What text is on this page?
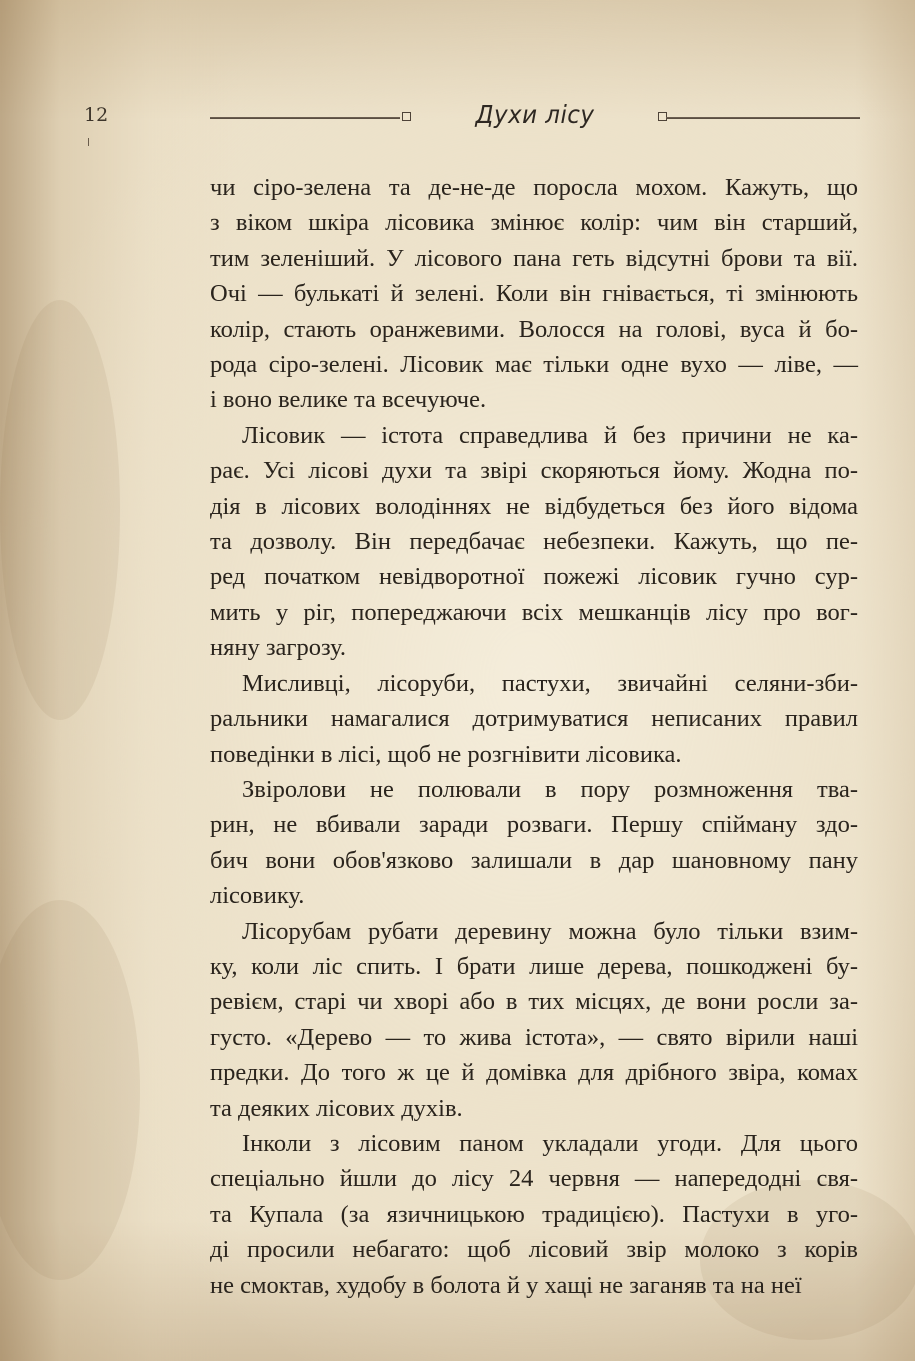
12	Духи лісу
чи сіро-зелена та де-не-де поросла мохом. Кажуть, що
з віком шкіра лісовика змінює колір: чим він старший,
тим зеленіший. У лісового пана геть відсутні брови та вії.
Очі — булькаті й зелені. Коли він гнівається, ті змінюють
колір, стають оранжевими. Волосся на голові, вуса й бо-
рода сіро-зелені. Лісовик має тільки одне вухо — ліве, —
і воно велике та всечуюче.
Лісовик — істота справедлива й без причини не ка-
рає. Усі лісові духи та звірі скоряються йому. Жодна по-
дія в лісових володіннях не відбудеться без його відома
та дозволу. Він передбачає небезпеки. Кажуть, що пе-
ред початком невідворотної пожежі лісовик гучно сур-
мить у ріг, попереджаючи всіх мешканців лісу про вог-
няну загрозу.
Мисливці, лісоруби, пастухи, звичайні селяни-зби-
ральники намагалися дотримуватися неписаних правил
поведінки в лісі, щоб не розгнівити лісовика.
Звіролови не полювали в пору розмноження тва-
рин, не вбивали заради розваги. Першу спійману здо-
бич вони обов'язково залишали в дар шановному пану
лісовику.
Лісорубам рубати деревину можна було тільки взим-
ку, коли ліс спить. І брати лише дерева, пошкоджені бу-
ревієм, старі чи хворі або в тих місцях, де вони росли за-
густо. «Дерево — то жива істота», — свято вірили наші
предки. До того ж це й домівка для дрібного звіра, комах
та деяких лісових духів.
Інколи з лісовим паном укладали угоди. Для цього
спеціально йшли до лісу 24 червня — напередодні свя-
та Купала (за язичницькою традицією). Пастухи в уго-
ді просили небагато: щоб лісовий звір молоко з корів
не смоктав, худобу в болота й у хащі не заганяв та на неї
